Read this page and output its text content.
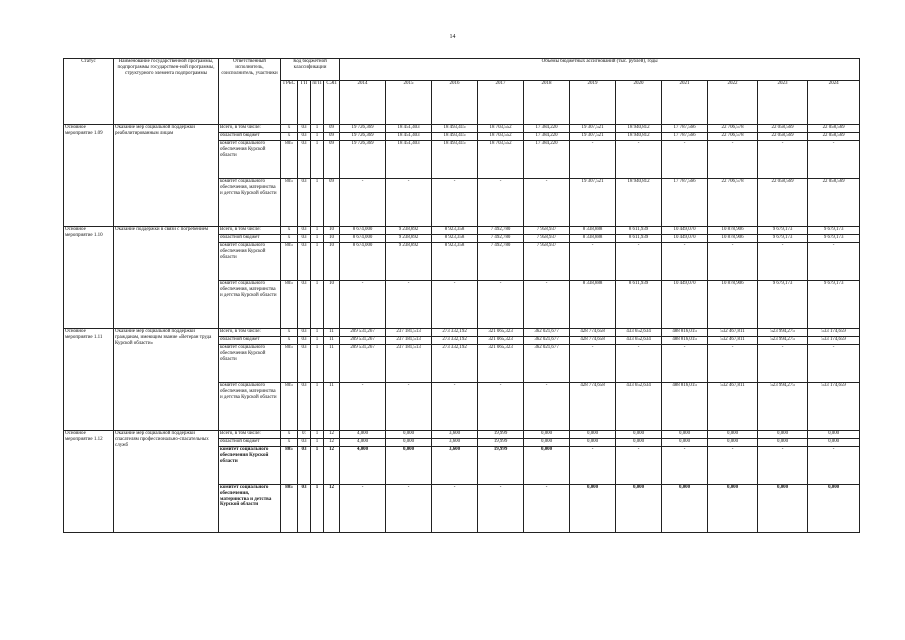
14
Статус	Наименование государственной программы, подпрограммы государствен-ной программы, структурного элемента подпрограммы	Ответственный исполнитель, соисполнитель, участники	Код бюджетной классификации				Объемы бюджетных ассигнований (тыс. рублей), годы										
			ГРБС	ГП	пГП	СЭП	2014	2015	2016	2017	2018	2019	2020	2021	2022	2023	2024
Основное мероприятие 1.09	Оказание мер социальной поддержки реабилитированным лицам	Всего, в том числе:	x	03	1	09	19 726,369	18 451,403	18 493,415	18 703,552	17 384,220	19 307,521	18 940,812	17 787,566	22 706,578	22 058,569	22 058,569
		областной бюджет	x	03	1	09	19 726,369	18 451,403	18 493,415	18 703,552	17 384,220	19 307,521	18 940,812	17 787,566	22 706,578	22 058,569	22 058,569
		комитет социального обеспечения Курской области	805	03	1	09	19 726,369	18 451,403	18 493,415	18 703,552	17 384,220	-	-	-	-	-	-
		комитет социального обеспечения, материнства и детства Курской области	805	03	1	09	-	-	-	-	-	19 307,521	18 940,812	17 787,566	22 706,578	22 058,569	22 058,569
Основное мероприятие 1.10	Оказание поддержки в связи с погребением	Всего, в том числе:	x	03	1	10	8 674,000	9 238,892	8 923,358	7 492,780	7 958,937	8 338,888	8 611,939	10 449,070	10 878,906	9 679,173	9 679,173
		областной бюджет	x	03	1	10	8 674,000	9 238,892	8 923,358	7 492,780	7 958,937	8 338,888	8 611,939	10 449,070	10 878,906	9 679,173	9 679,173
		комитет социального обеспечения Курской области	805	03	1	10	8 674,000	9 238,892	8 923,358	7 492,780	7 958,937	-	-	-	-	-	-
		комитет социального обеспечения, материнства и детства Курской области	805	03	1	10	-	-	-	-	-	8 338,888	8 611,939	10 449,070	10 878,906	9 679,173	9 679,173
Основное мероприятие 1.11	Оказание мер социальной поддержки гражданам, имеющим звание «Ветеран труда Курской области»	Всего, в том числе:	x	03	1	11	209 531,267	237 181,513	273 332,192	321 065,323	362 021,677	428 774,658	433 652,634	488 816,015	532 467,811	523 994,275	533 174,659
		областной бюджет	x	03	1	11	209 531,267	237 181,513	273 332,192	321 065,323	362 021,677	428 774,658	433 652,634	488 816,015	532 467,811	523 994,275	533 174,659
		комитет социального обеспечения Курской области	805	03	1	11	209 531,267	237 181,513	273 332,192	321 065,323	362 021,677	-	-	-	-	-	-
		комитет социального обеспечения, материнства и детства Курской области	805	03	1	11	-	-	-	-	-	428 774,658	433 652,634	488 816,015	532 467,811	523 994,275	533 174,659
Основное мероприятие 1.12	Оказание мер социальной поддержки спасателям профессионально-спасательных служб	Всего, в том числе:	x	0:	1	12	4,000	0,000	3,600	19,999	0,000	0,000	0,000	0,000	0,000	0,000	0,000
		областной бюджет	x	03	1	12	4,000	0,000	3,600	19,999	0,000	0,000	0,000	0,000	0,000	0,000	0,000
		комитет социального обеспечения Курской области	805	03	1	12	4,000	0,000	3,600	19,999	0,000	-	-	-	-	-	-
		комитет социального обеспечения, материнства и детства Курской области	805	03	1	12	-	-	-	-	-	0,000	0,000	0,000	0,000	0,000	0,000
